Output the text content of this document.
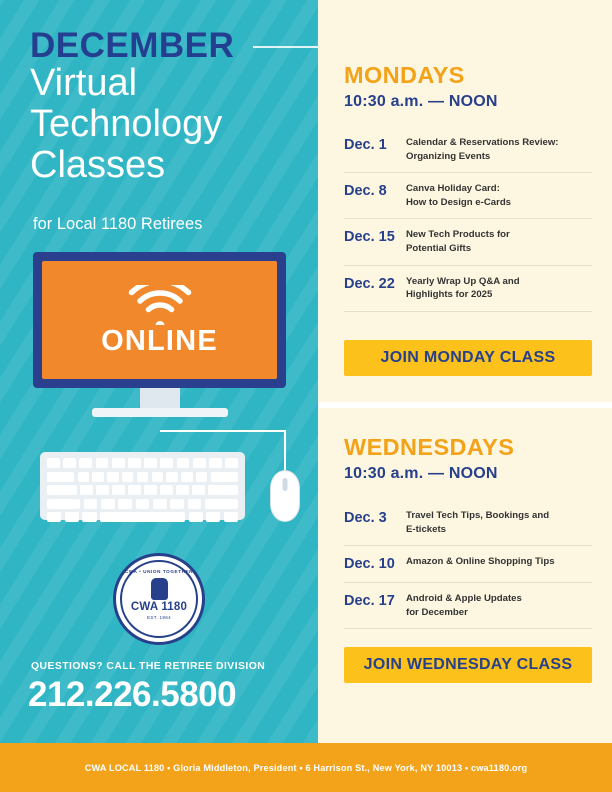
DECEMBER
Virtual
Technology
Classes
for Local 1180 Retirees
ONLINE
CWA • UNION TOGETHER
CWA 1180
EST. 1964
QUESTIONS? CALL THE RETIREE DIVISION
212.226.5800
MONDAYS
10:30 a.m. — NOON
Dec. 1	Calendar & Reservations Review:
Organizing Events
Dec. 8	Canva Holiday Card:
How to Design e-Cards
Dec. 15	New Tech Products for
Potential Gifts
Dec. 22	Yearly Wrap Up Q&A and
Highlights for 2025
JOIN MONDAY CLASS
WEDNESDAYS
10:30 a.m. — NOON
Dec. 3	Travel Tech Tips, Bookings and
E-tickets
Dec. 10	Amazon & Online Shopping Tips
Dec. 17	Android & Apple Updates
for December
JOIN WEDNESDAY CLASS
CWA LOCAL 1180 • Gloria Middleton, President • 6 Harrison St., New York, NY 10013 • cwa1180.org
